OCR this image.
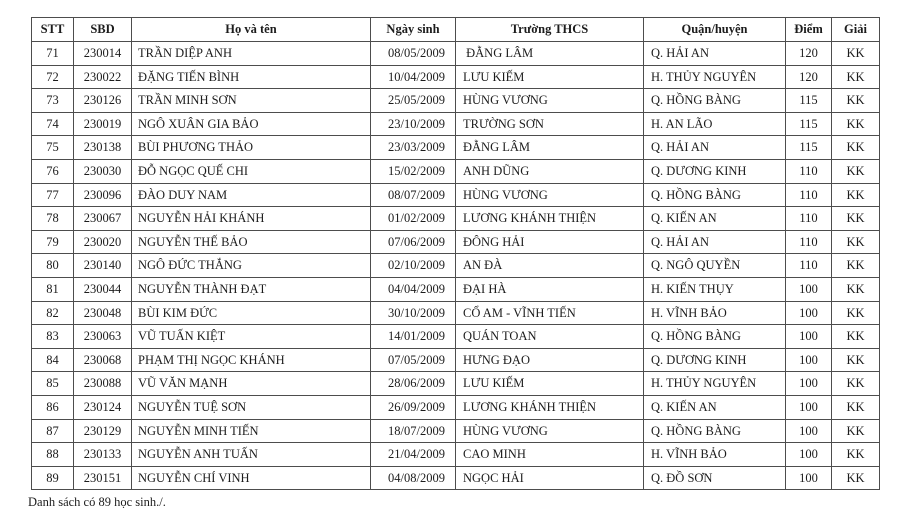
STT	SBD	Họ và tên	Ngày sinh	Trường THCS	Quận/huyện	Điểm	Giải
71	230014	TRẦN DIỆP ANH	08/05/2009	ĐẰNG LÂM	Q. HẢI AN	120	KK
72	230022	ĐẶNG TIẾN BÌNH	10/04/2009	LƯU KIẾM	H. THỦY NGUYÊN	120	KK
73	230126	TRẦN MINH SƠN	25/05/2009	HÙNG VƯƠNG	Q. HỒNG BÀNG	115	KK
74	230019	NGÔ XUÂN GIA BẢO	23/10/2009	TRƯỜNG SƠN	H. AN LÃO	115	KK
75	230138	BÙI PHƯƠNG THẢO	23/03/2009	ĐẰNG LÂM	Q. HẢI AN	115	KK
76	230030	ĐỖ NGỌC QUẾ CHI	15/02/2009	ANH DŨNG	Q. DƯƠNG KINH	110	KK
77	230096	ĐÀO DUY NAM	08/07/2009	HÙNG VƯƠNG	Q. HỒNG BÀNG	110	KK
78	230067	NGUYỄN HẢI KHÁNH	01/02/2009	LƯƠNG KHÁNH THIỆN	Q. KIẾN AN	110	KK
79	230020	NGUYỄN THẾ BẢO	07/06/2009	ĐÔNG HẢI	Q. HẢI AN	110	KK
80	230140	NGÔ ĐỨC THẮNG	02/10/2009	AN ĐÀ	Q. NGÔ QUYỀN	110	KK
81	230044	NGUYỄN THÀNH ĐẠT	04/04/2009	ĐẠI HÀ	H. KIẾN THỤY	100	KK
82	230048	BÙI KIM ĐỨC	30/10/2009	CỔ AM - VĨNH TIẾN	H. VĨNH BẢO	100	KK
83	230063	VŨ TUẤN KIỆT	14/01/2009	QUÁN TOAN	Q. HỒNG BÀNG	100	KK
84	230068	PHẠM THỊ NGỌC KHÁNH	07/05/2009	HƯNG ĐẠO	Q. DƯƠNG KINH	100	KK
85	230088	VŨ VĂN MẠNH	28/06/2009	LƯU KIẾM	H. THỦY NGUYÊN	100	KK
86	230124	NGUYỄN TUỆ SƠN	26/09/2009	LƯƠNG KHÁNH THIỆN	Q. KIẾN AN	100	KK
87	230129	NGUYỄN MINH TIẾN	18/07/2009	HÙNG VƯƠNG	Q. HỒNG BÀNG	100	KK
88	230133	NGUYỄN ANH TUẤN	21/04/2009	CAO MINH	H. VĨNH BẢO	100	KK
89	230151	NGUYỄN CHÍ VINH	04/08/2009	NGỌC HẢI	Q. ĐỒ SƠN	100	KK
Danh sách có 89 học sinh./.
